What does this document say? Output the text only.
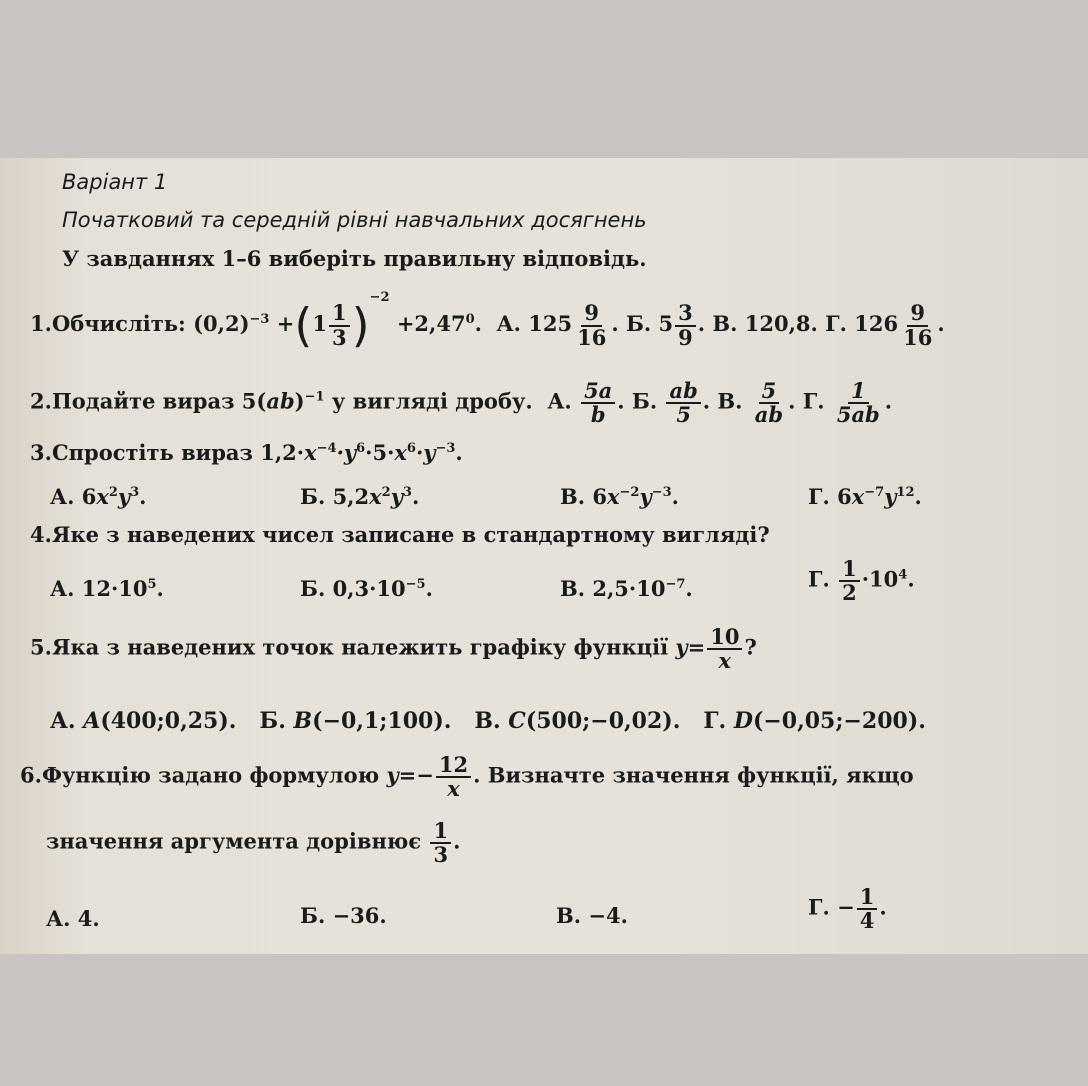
Варіант 1
Початковий та середній рівні навчальних досягнень
У завданнях 1–6 виберіть правильну відповідь.
1.Обчисліть: $(0,2)^{-3} +(1 \frac{1}{3} )^{-2} +2,47^0$. А. $125 \frac{9}{16}$ . Б. $5 \frac{3}{9}$ . В. 120,8. Г. $126 \frac{9}{16}$ .
2.Подайте вираз 5(ab)$^{-1}$ у вигляді дробу. А. $\frac{5a}{b}$ . Б. $\frac{ab}{5}$ . В. $\frac{5}{ab}$ . Г. $\frac{1}{5ab}$ .
3.Спростіть вираз $1,2\cdot x^{-4}\cdot y^6\cdot 5\cdot x^6\cdot y^{-3}$.
А. $6x^2y^3$.	Б. $5,2x^2y^3$.	В. $6x^{-2}y^{-3}$.	Г. $6x^{-7}y^{12}$.
4.Яке з наведених чисел записане в стандартному вигляді?
А. $12\cdot 10^5$.	Б. $0,3\cdot 10^{-5}$.	В. $2,5\cdot 10^{-7}$.	Г. $\frac{1}{2} \cdot 10^4$.
5.Яка з наведених точок належить графіку функції $y= \frac{10}{x}$ ?
А. A(400;0,25). Б. B(−0,1;100). В. C(500;−0,02). Г. D(−0,05;−200).
6.Функцію задано формулою $y=- \frac{12}{x}$ . Визначте значення функції, якщо
значення аргумента дорівнює $\frac{1}{3}$ .
А. 4.	Б. −36.	В. −4.	Г. − $\frac{1}{4}$ .
